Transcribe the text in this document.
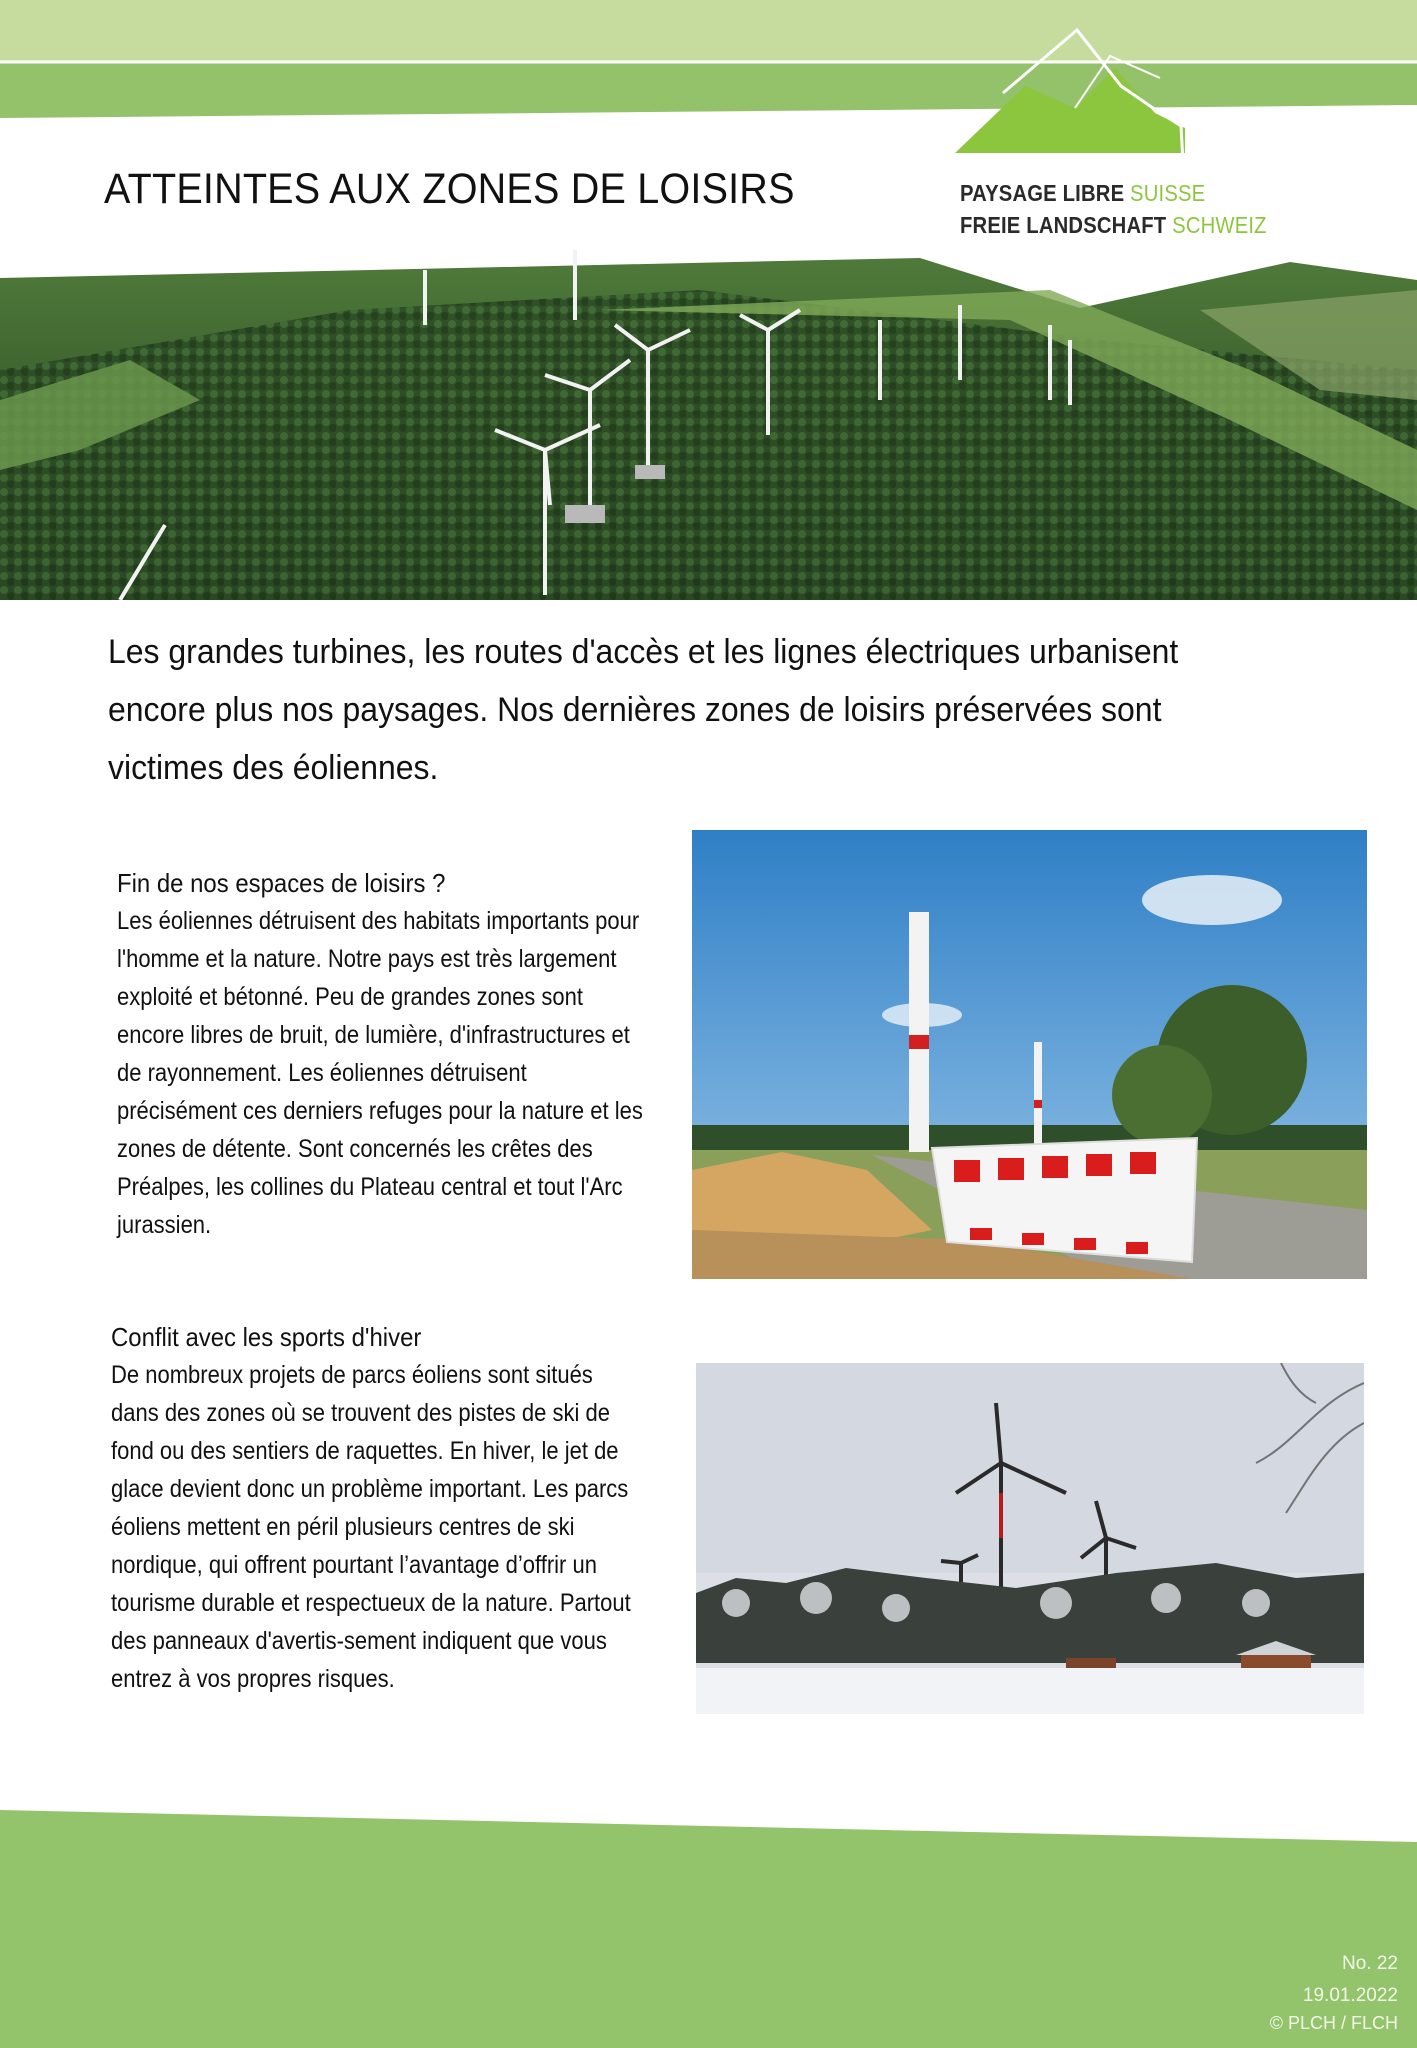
ATTEINTES AUX ZONES DE LOISIRS	PAYSAGE LIBRE SUISSE
FREIE LANDSCHAFT SCHWEIZ
Les grandes turbines, les routes d'accès et les lignes électriques urbanisent encore plus nos paysages. Nos dernières zones de loisirs préservées sont victimes des éoliennes.
Fin de nos espaces de loisirs ?
Les éoliennes détruisent des habitats importants pour l'homme et la nature. Notre pays est très largement exploité et bétonné. Peu de grandes zones sont encore libres de bruit, de lumière, d'infrastructures et de rayonnement. Les éoliennes détruisent précisément ces derniers refuges pour la nature et les zones de détente. Sont concernés les crêtes des Préalpes, les collines du Plateau central et tout l'Arc jurassien.
Conflit avec les sports d'hiver
De nombreux projets de parcs éoliens sont situés dans des zones où se trouvent des pistes de ski de fond ou des sentiers de raquettes. En hiver, le jet de glace devient donc un problème important. Les parcs éoliens mettent en péril plusieurs centres de ski nordique, qui offrent pourtant l’avantage d’offrir un tourisme durable et respectueux de la nature. Partout des panneaux d'avertis-sement indiquent que vous entrez à vos propres risques.
No. 22
19.01.2022
© PLCH / FLCH
